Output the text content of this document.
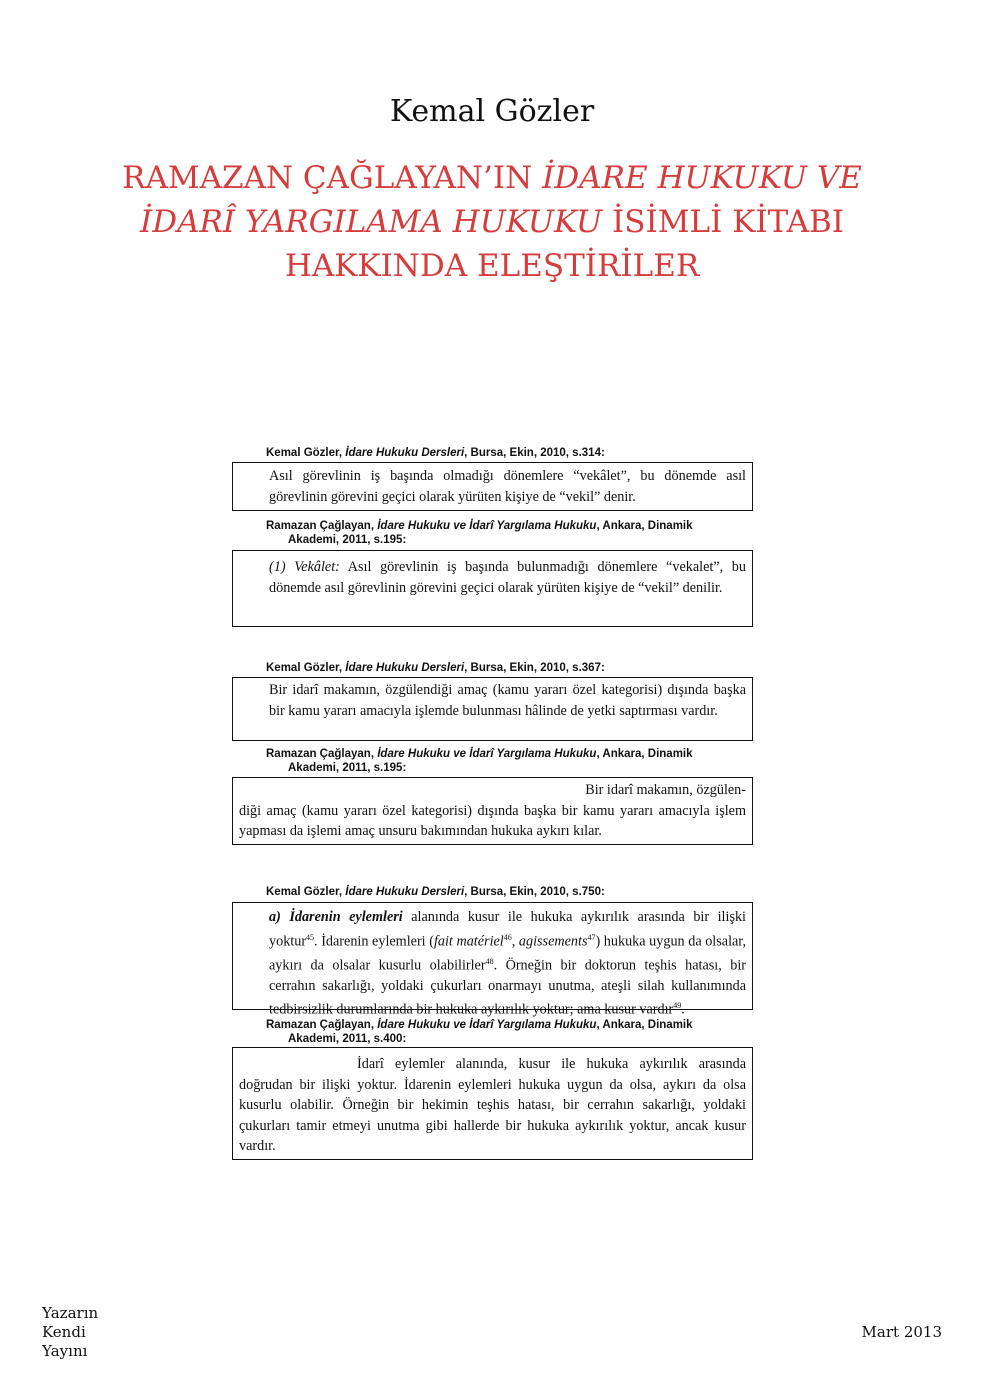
Kemal Gözler
RAMAZAN ÇAĞLAYAN’IN İDARE HUKUKU VE
İDARÎ YARGILAMA HUKUKU İSİMLİ KİTABI
HAKKINDA ELEŞTİRİLER
Kemal Gözler, İdare Hukuku Dersleri, Bursa, Ekin, 2010, s.314:
Asıl görevlinin iş başında olmadığı dönemlere “vekâlet”, bu dönemde asıl görevlinin görevini geçici olarak yürüten kişiye de “vekil” denir.
Ramazan Çağlayan, İdare Hukuku ve İdarî Yargılama Hukuku, Ankara, Dinamik
Akademi, 2011, s.195:
(1) Vekâlet: Asıl görevlinin iş başında bulunmadığı dönemlere “vekalet”, bu dönemde asıl görevlinin görevini geçici olarak yürüten kişiye de “vekil” denilir.
Kemal Gözler, İdare Hukuku Dersleri, Bursa, Ekin, 2010, s.367:
Bir idarî makamın, özgülendiği amaç (kamu yararı özel kategorisi) dışında başka bir kamu yararı amacıyla işlemde bulunması hâlinde de yetki saptırması vardır.
Ramazan Çağlayan, İdare Hukuku ve İdarî Yargılama Hukuku, Ankara, Dinamik
Akademi, 2011, s.195:
Bir idarî makamın, özgülen-
diği amaç (kamu yararı özel kategorisi) dışında başka bir kamu yararı amacıyla işlem yapması da işlemi amaç unsuru bakımından hukuka aykırı kılar.
Kemal Gözler, İdare Hukuku Dersleri, Bursa, Ekin, 2010, s.750:
a) İdarenin eylemleri alanında kusur ile hukuka aykırılık arasında bir ilişki yoktur$^{45}$. İdarenin eylemleri (fait matériel$^{46}$, agissements$^{47}$) hukuka uygun da olsalar, aykırı da olsalar kusurlu olabilirler$^{48}$. Örneğin bir doktorun teşhis hatası, bir cerrahın sakarlığı, yoldaki çukurları onarmayı unutma, ateşli silah kullanımında tedbirsizlik durumlarında bir hukuka aykırılık yoktur; ama kusur vardır$^{49}$.
Ramazan Çağlayan, İdare Hukuku ve İdarî Yargılama Hukuku, Ankara, Dinamik
Akademi, 2011, s.400:
İdarî eylemler alanında, kusur ile hukuka aykırılık arasında doğrudan bir ilişki yoktur. İdarenin eylemleri hukuka uygun da olsa, aykırı da olsa kusurlu olabilir. Örneğin bir hekimin teşhis hatası, bir cerrahın sakarlığı, yoldaki çukurları tamir etmeyi unutma gibi hallerde bir hukuka aykırılık yoktur, ancak kusur vardır.
Yazarın
Kendi
Yayını
Mart 2013
